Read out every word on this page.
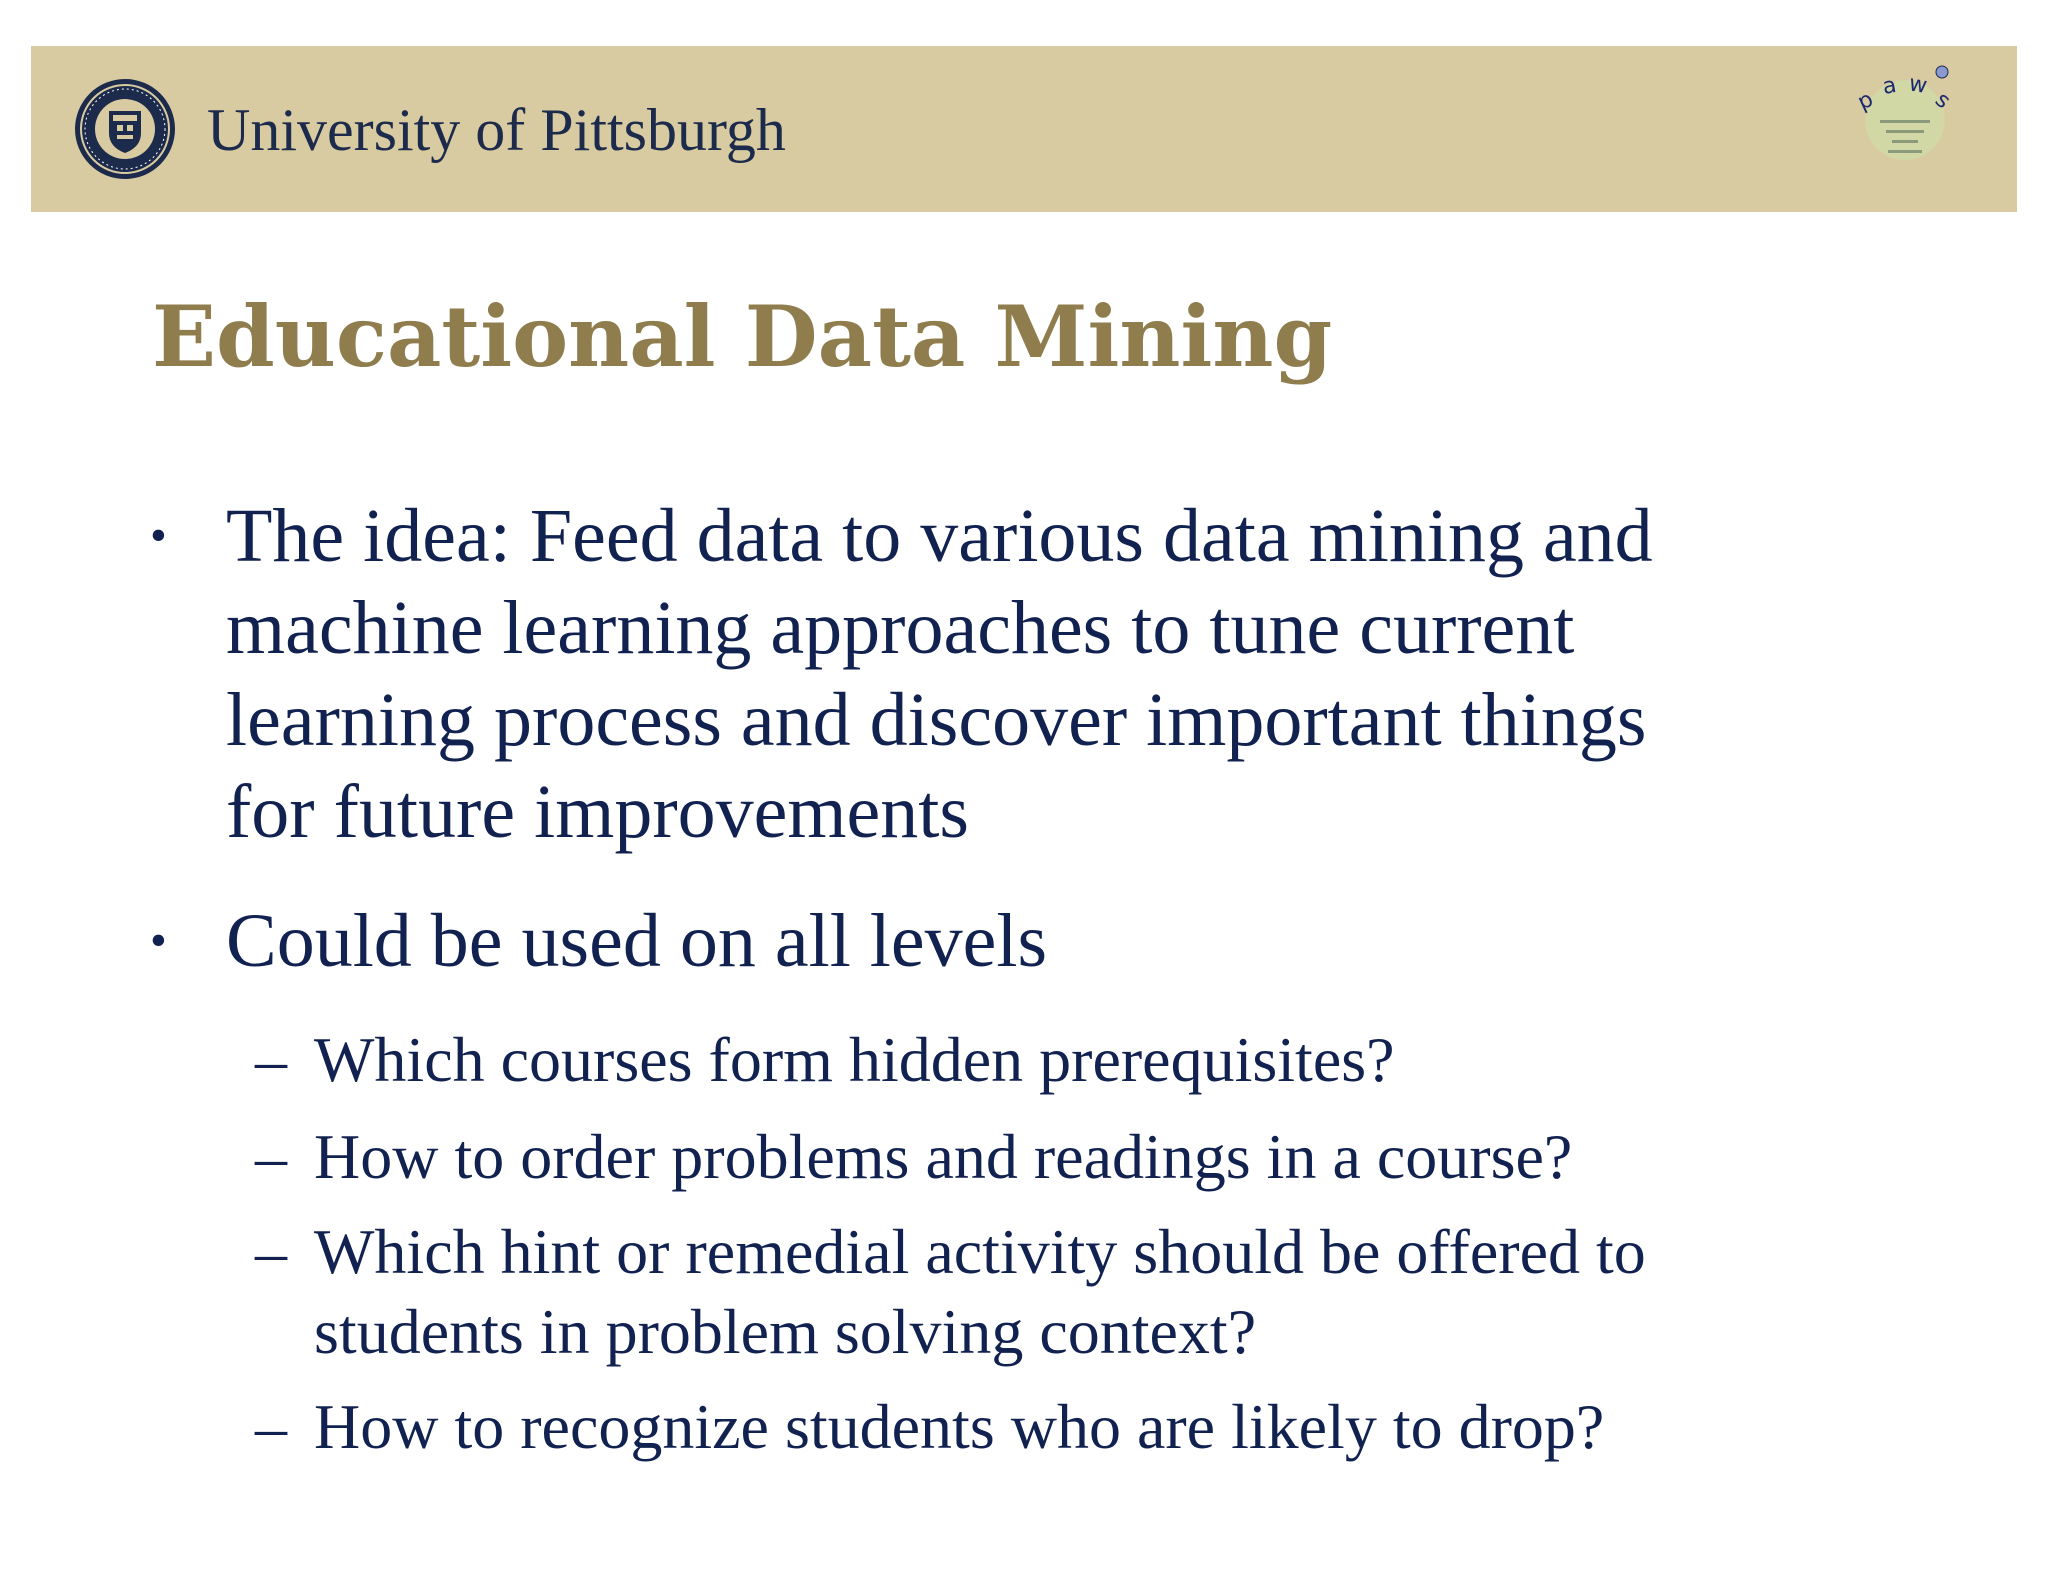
University of Pittsburgh	p
a w
s
Educational Data Mining
• The idea: Feed data to various data mining and
machine learning approaches to tune current
learning process and discover important things
for future improvements
• Could be used on all levels
– Which courses form hidden prerequisites?
– How to order problems and readings in a course?
– Which hint or remedial activity should be offered to
students in problem solving context?
– How to recognize students who are likely to drop?
